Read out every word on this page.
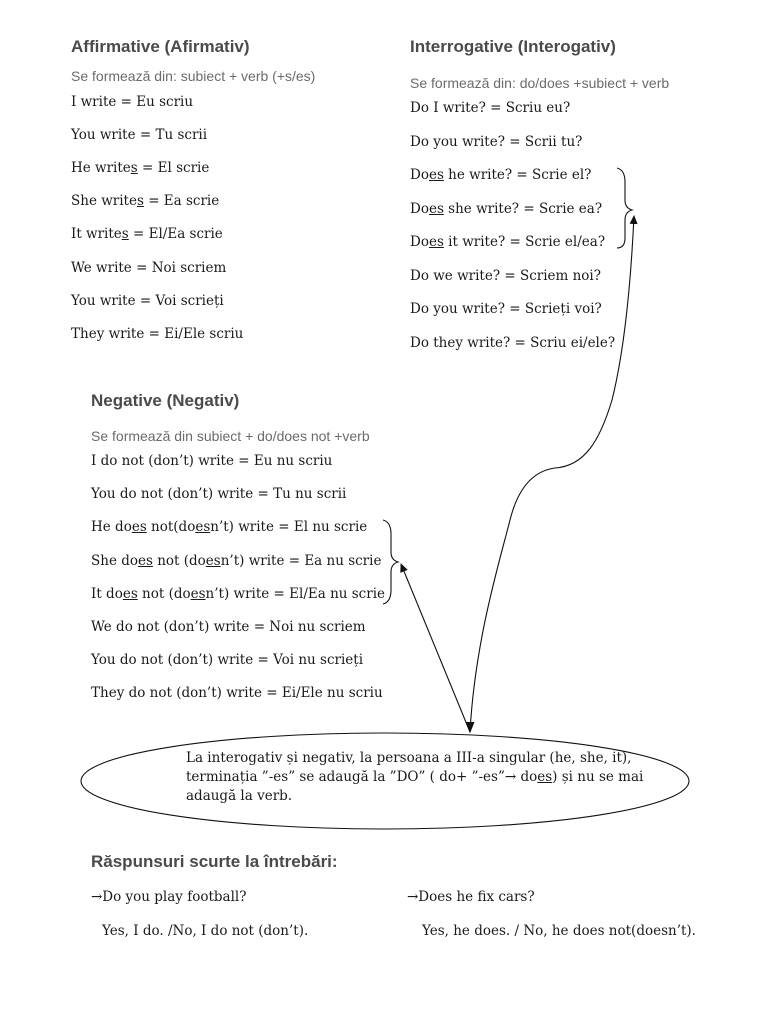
Affirmative (Afirmativ)
Se formează din: subiect + verb (+s/es)
I write = Eu scriu
You write = Tu scrii
He writes = El scrie
She writes = Ea scrie
It writes = El/Ea scrie
We write = Noi scriem
You write = Voi scrieți
They write = Ei/Ele scriu
Interrogative (Interogativ)
Se formează din: do/does +subiect + verb
Do I write? = Scriu eu?
Do you write? = Scrii tu?
Does he write? = Scrie el?
Does she write? = Scrie ea?
Does it write? = Scrie el/ea?
Do we write? = Scriem noi?
Do you write? = Scrieți voi?
Do they write? = Scriu ei/ele?
Negative (Negativ)
Se formează din subiect + do/does not +verb
I do not (don’t) write = Eu nu scriu
You do not (don’t) write = Tu nu scrii
He does not(doesn’t) write = El nu scrie
She does not (doesn’t) write = Ea nu scrie
It does not (doesn’t) write = El/Ea nu scrie
We do not (don’t) write = Noi nu scriem
You do not (don’t) write = Voi nu scrieți
They do not (don’t) write = Ei/Ele nu scriu
La interogativ și negativ, la persoana a III-a singular (he, she, it),
terminația ”-es” se adaugă la ”DO” ( do+ ”-es”→ does) și nu se mai
adaugă la verb.
Răspunsuri scurte la întrebări:
→Do you play football?
Yes, I do. /No, I do not (don’t).
→Does he fix cars?
Yes, he does. / No, he does not(doesn’t).
